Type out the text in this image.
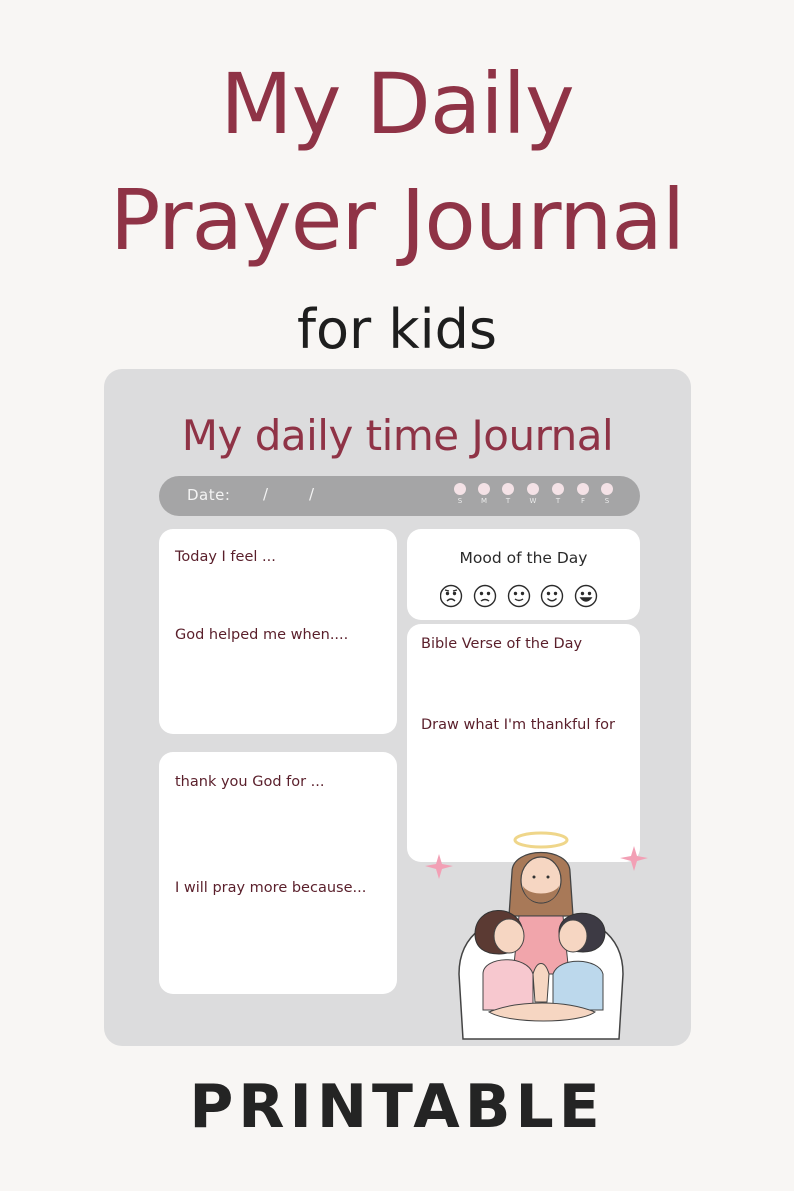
My Daily
Prayer Journal
for kids
My daily time Journal
Date: /	/	S	M	T	W	T	F	S
Today I feel ...
God helped me when....
thank you God for ...
I will pray more because...
Mood of the Day
Bible Verse of the Day
Draw what I'm thankful for
PRINTABLE
